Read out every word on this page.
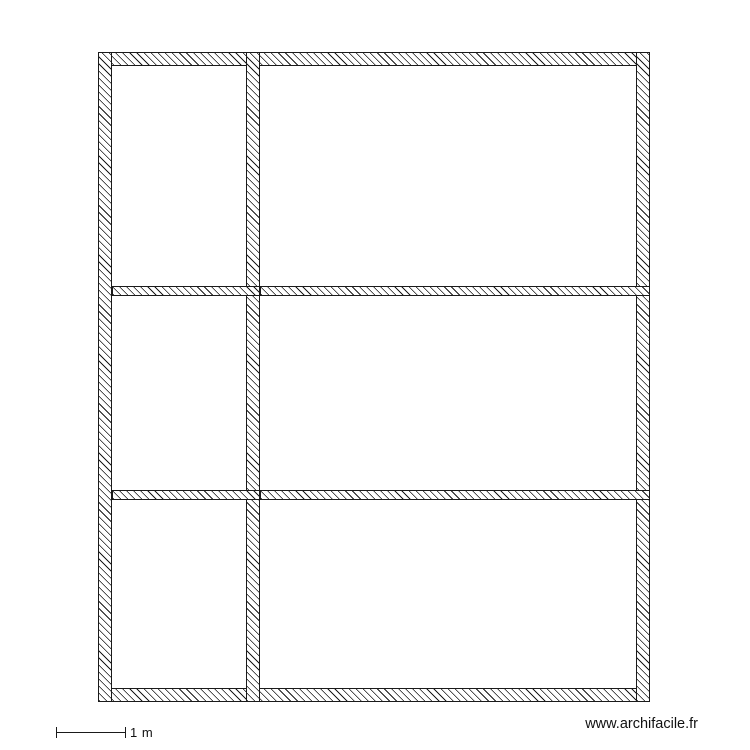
1 m
www.archifacile.fr
